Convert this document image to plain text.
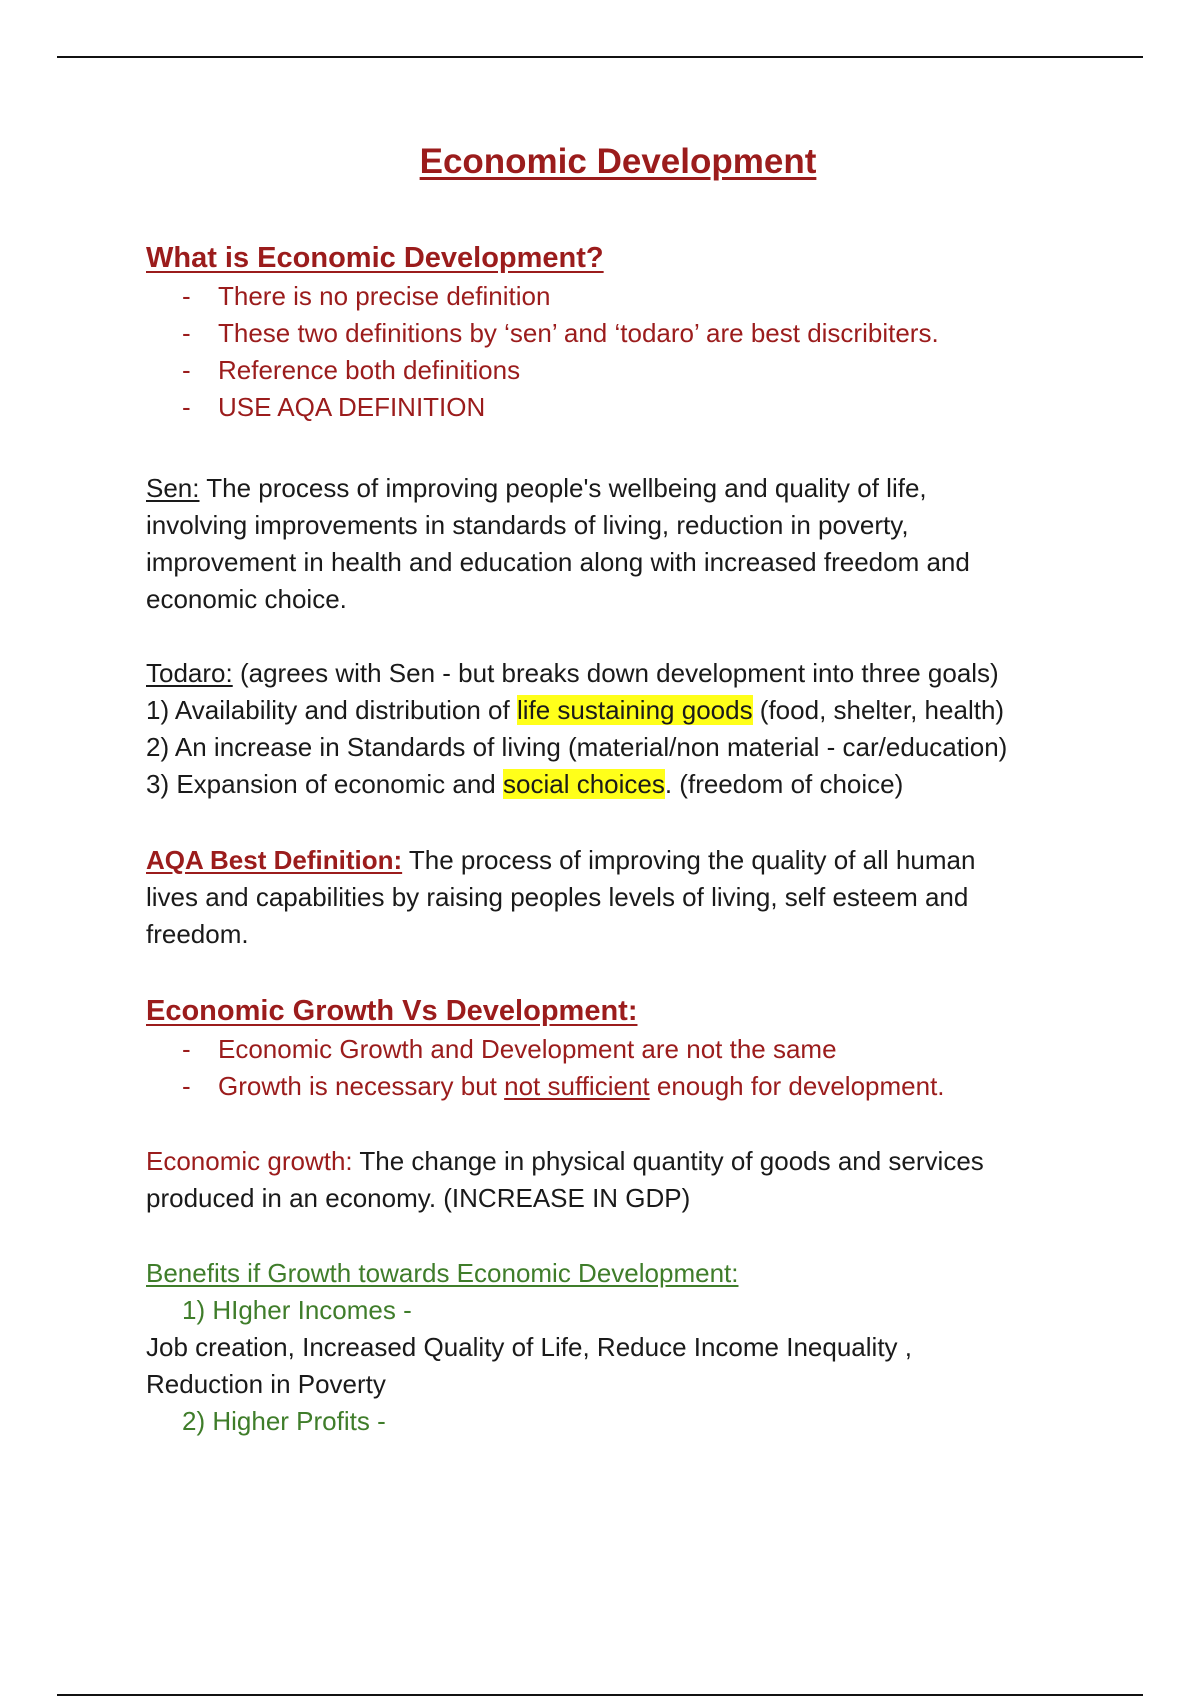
Economic Development
What is Economic Development?
- There is no precise definition
- These two definitions by ‘sen’ and ‘todaro’ are best discribiters.
- Reference both definitions
- USE AQA DEFINITION
Sen: The process of improving people's wellbeing and quality of life,
involving improvements in standards of living, reduction in poverty,
improvement in health and education along with increased freedom and
economic choice.
Todaro: (agrees with Sen - but breaks down development into three goals)
1) Availability and distribution of life sustaining goods (food, shelter, health)
2) An increase in Standards of living (material/non material - car/education)
3) Expansion of economic and social choices. (freedom of choice)
AQA Best Definition: The process of improving the quality of all human
lives and capabilities by raising peoples levels of living, self esteem and
freedom.
Economic Growth Vs Development:
- Economic Growth and Development are not the same
- Growth is necessary but not sufficient enough for development.
Economic growth: The change in physical quantity of goods and services
produced in an economy. (INCREASE IN GDP)
Benefits if Growth towards Economic Development:
1) HIgher Incomes -
Job creation, Increased Quality of Life, Reduce Income Inequality ,
Reduction in Poverty
2) Higher Profits -
